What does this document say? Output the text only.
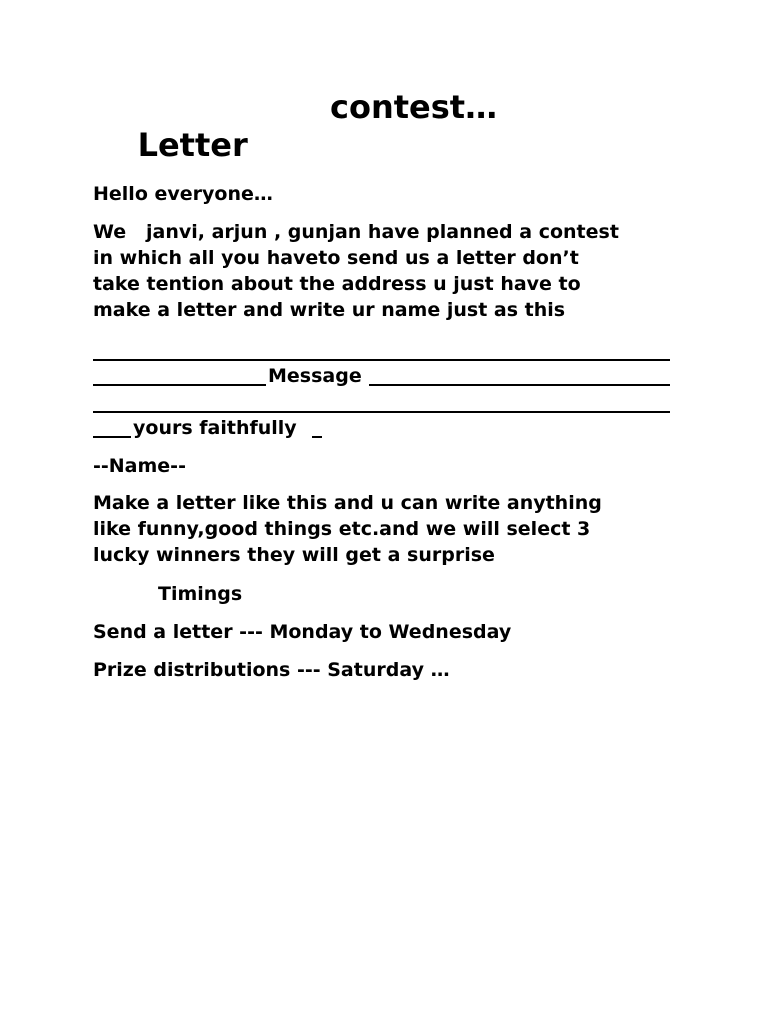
Letter

contest…

Hello everyone…
We   janvi, arjun , gunjan have planned a contest
in which all you haveto send us a letter don’t
take tention about the address u just have to
make a letter and write ur name just as this
Message
yours faithfully
--Name--
Make a letter like this and u can write anything
like funny,good things etc.and we will select 3
lucky winners they will get a surprise
Timings
Send a letter --- Monday to Wednesday
Prize distributions --- Saturday …
